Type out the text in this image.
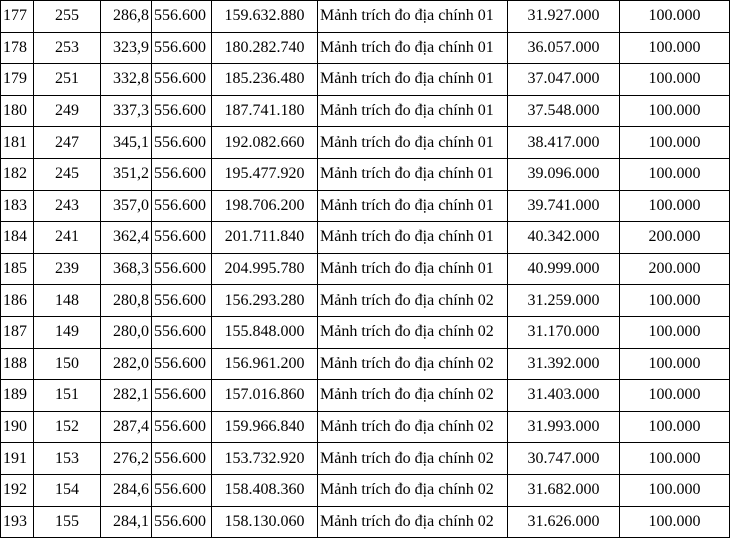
177	255	286,8	556.600	159.632.880	Mảnh trích đo địa chính 01	31.927.000	100.000
178	253	323,9	556.600	180.282.740	Mảnh trích đo địa chính 01	36.057.000	100.000
179	251	332,8	556.600	185.236.480	Mảnh trích đo địa chính 01	37.047.000	100.000
180	249	337,3	556.600	187.741.180	Mảnh trích đo địa chính 01	37.548.000	100.000
181	247	345,1	556.600	192.082.660	Mảnh trích đo địa chính 01	38.417.000	100.000
182	245	351,2	556.600	195.477.920	Mảnh trích đo địa chính 01	39.096.000	100.000
183	243	357,0	556.600	198.706.200	Mảnh trích đo địa chính 01	39.741.000	100.000
184	241	362,4	556.600	201.711.840	Mảnh trích đo địa chính 01	40.342.000	200.000
185	239	368,3	556.600	204.995.780	Mảnh trích đo địa chính 01	40.999.000	200.000
186	148	280,8	556.600	156.293.280	Mảnh trích đo địa chính 02	31.259.000	100.000
187	149	280,0	556.600	155.848.000	Mảnh trích đo địa chính 02	31.170.000	100.000
188	150	282,0	556.600	156.961.200	Mảnh trích đo địa chính 02	31.392.000	100.000
189	151	282,1	556.600	157.016.860	Mảnh trích đo địa chính 02	31.403.000	100.000
190	152	287,4	556.600	159.966.840	Mảnh trích đo địa chính 02	31.993.000	100.000
191	153	276,2	556.600	153.732.920	Mảnh trích đo địa chính 02	30.747.000	100.000
192	154	284,6	556.600	158.408.360	Mảnh trích đo địa chính 02	31.682.000	100.000
193	155	284,1	556.600	158.130.060	Mảnh trích đo địa chính 02	31.626.000	100.000
